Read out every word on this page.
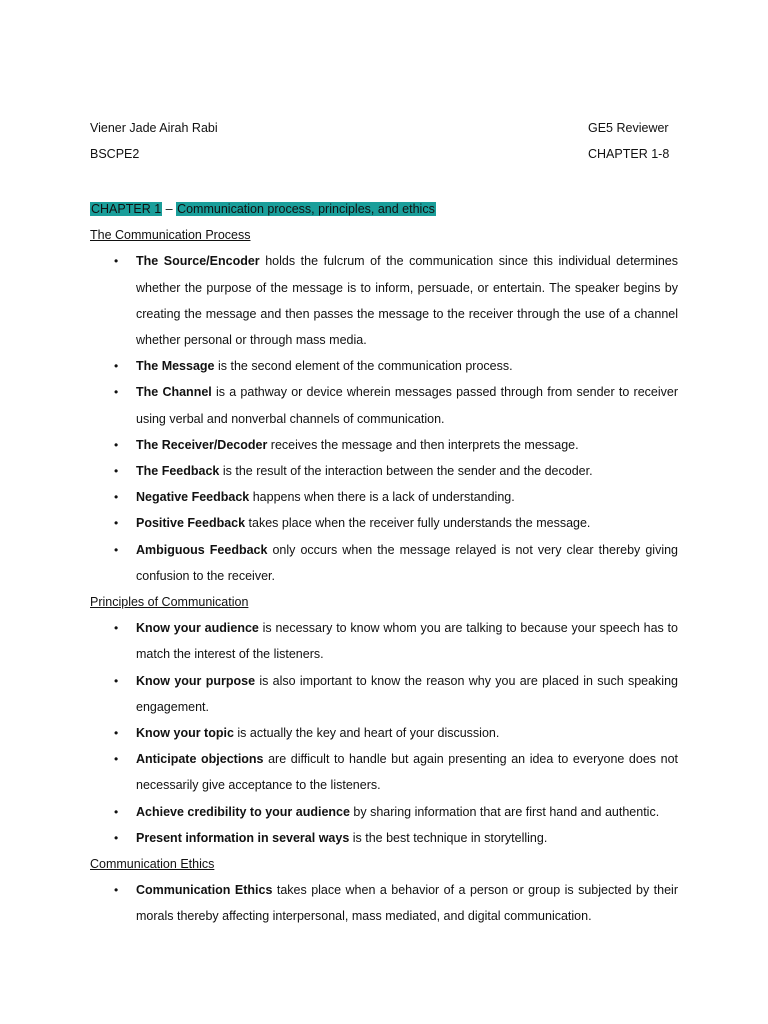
Viener Jade Airah Rabi
BSCPE2
GE5 Reviewer
CHAPTER 1-8

CHAPTER 1 – Communication process, principles, and ethics

The Communication Process

• The Source/Encoder holds the fulcrum of the communication since this individual determines whether the purpose of the message is to inform, persuade, or entertain. The speaker begins by creating the message and then passes the message to the receiver through the use of a channel whether personal or through mass media.
• The Message is the second element of the communication process.
• The Channel is a pathway or device wherein messages passed through from sender to receiver using verbal and nonverbal channels of communication.
• The Receiver/Decoder receives the message and then interprets the message.
• The Feedback is the result of the interaction between the sender and the decoder.
• Negative Feedback happens when there is a lack of understanding.
• Positive Feedback takes place when the receiver fully understands the message.
• Ambiguous Feedback only occurs when the message relayed is not very clear thereby giving confusion to the receiver.

Principles of Communication

• Know your audience is necessary to know whom you are talking to because your speech has to match the interest of the listeners.
• Know your purpose is also important to know the reason why you are placed in such speaking engagement.
• Know your topic is actually the key and heart of your discussion.
• Anticipate objections are difficult to handle but again presenting an idea to everyone does not necessarily give acceptance to the listeners.
• Achieve credibility to your audience by sharing information that are first hand and authentic.
• Present information in several ways is the best technique in storytelling.

Communication Ethics

• Communication Ethics takes place when a behavior of a person or group is subjected by their morals thereby affecting interpersonal, mass mediated, and digital communication.
